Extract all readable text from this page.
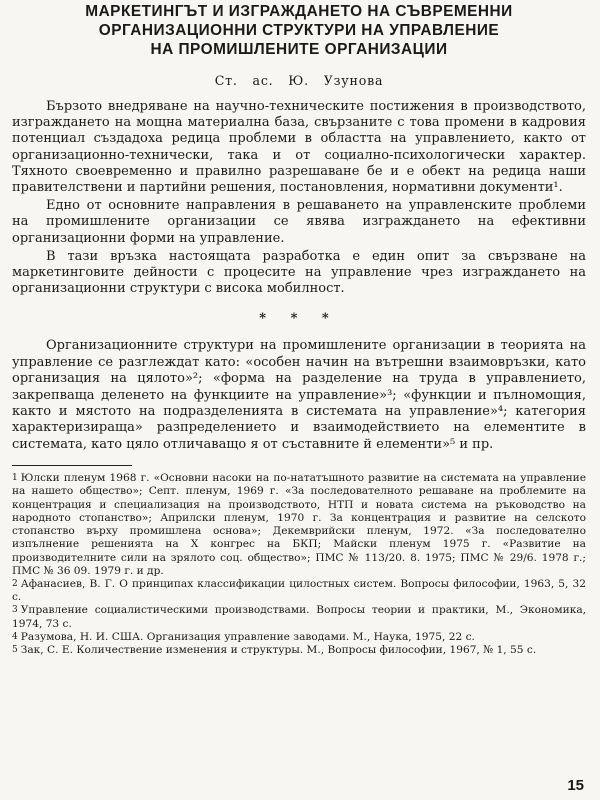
МАРКЕТИНГЪТ И ИЗГРАЖДАНЕТО НА СЪВРЕМЕННИ
ОРГАНИЗАЦИОННИ СТРУКТУРИ НА УПРАВЛЕНИЕ
НА ПРОМИШЛЕНИТЕ ОРГАНИЗАЦИИ
Ст. ас. Ю. Узунова

Бързото внедряване на научно-техническите постижения в производството, изграждането на мощна материална база, свързаните с това промени в кадровия потенциал създадоха редица проблеми в областта на управлението, както от организационно-технически, така и от социално-психологически характер. Тяхното своевременно и правилно разрешаване бе и е обект на редица наши правителствени и партийни решения, постановления, нормативни документи¹.

Едно от основните направления в решаването на управленските проблеми на промишлените организации се явява изграждането на ефективни организационни форми на управление.

В тази връзка настоящата разработка е един опит за свързване на маркетинговите дейности с процесите на управление чрез изграждането на организационни структури с висока мобилност.

* * *

Организационните структури на промишлените организации в теорията на управление се разглеждат като: «особен начин на вътрешни взаимовръзки, като организация на цялото»²; «форма на разделение на труда в управлението, закрепваща деленето на функциите на управление»³; «функции и пълномощия, както и мястото на подразделенията в системата на управление»⁴; категория характеризираща» разпределението и взаимодействието на елементите в системата, като цяло отличаващо я от съставните й елементи»⁵ и пр.

$^1$ Юлски пленум 1968 г. «Основни насоки на по-нататъшното развитие на системата на управление на нашето общество»; Септ. пленум, 1969 г. «За последователното решаване на проблемите на концентрация и специализация на производството, НТП и новата система на ръководство на народното стопанство»; Априлски пленум, 1970 г. За концентрация и развитие на селското стопанство върху промишлена основа»; Декемврийски пленум, 1972. «За последователно изпълнение решенията на X конгрес на БКП; Майски пленум 1975 г. «Развитие на производителните сили на зрялото соц. общество»; ПМС № 113/20. 8. 1975; ПМС № 29/6. 1978 г.; ПМС № 36 09. 1979 г. и др.

$^2$ Афанасиев, В. Г. О принципах классификации цилостных систем. Вопросы философии, 1963, 5, 32 с.

$^3$ Управление социалистическими производствами. Вопросы теории и практики, М., Экономика, 1974, 73 с.

$^4$ Разумова, Н. И. США. Организация управление заводами. М., Наука, 1975, 22 с.

$^5$ Зак, С. Е. Количествение изменения и структуры. М., Вопросы философии, 1967, № 1, 55 с.

15
